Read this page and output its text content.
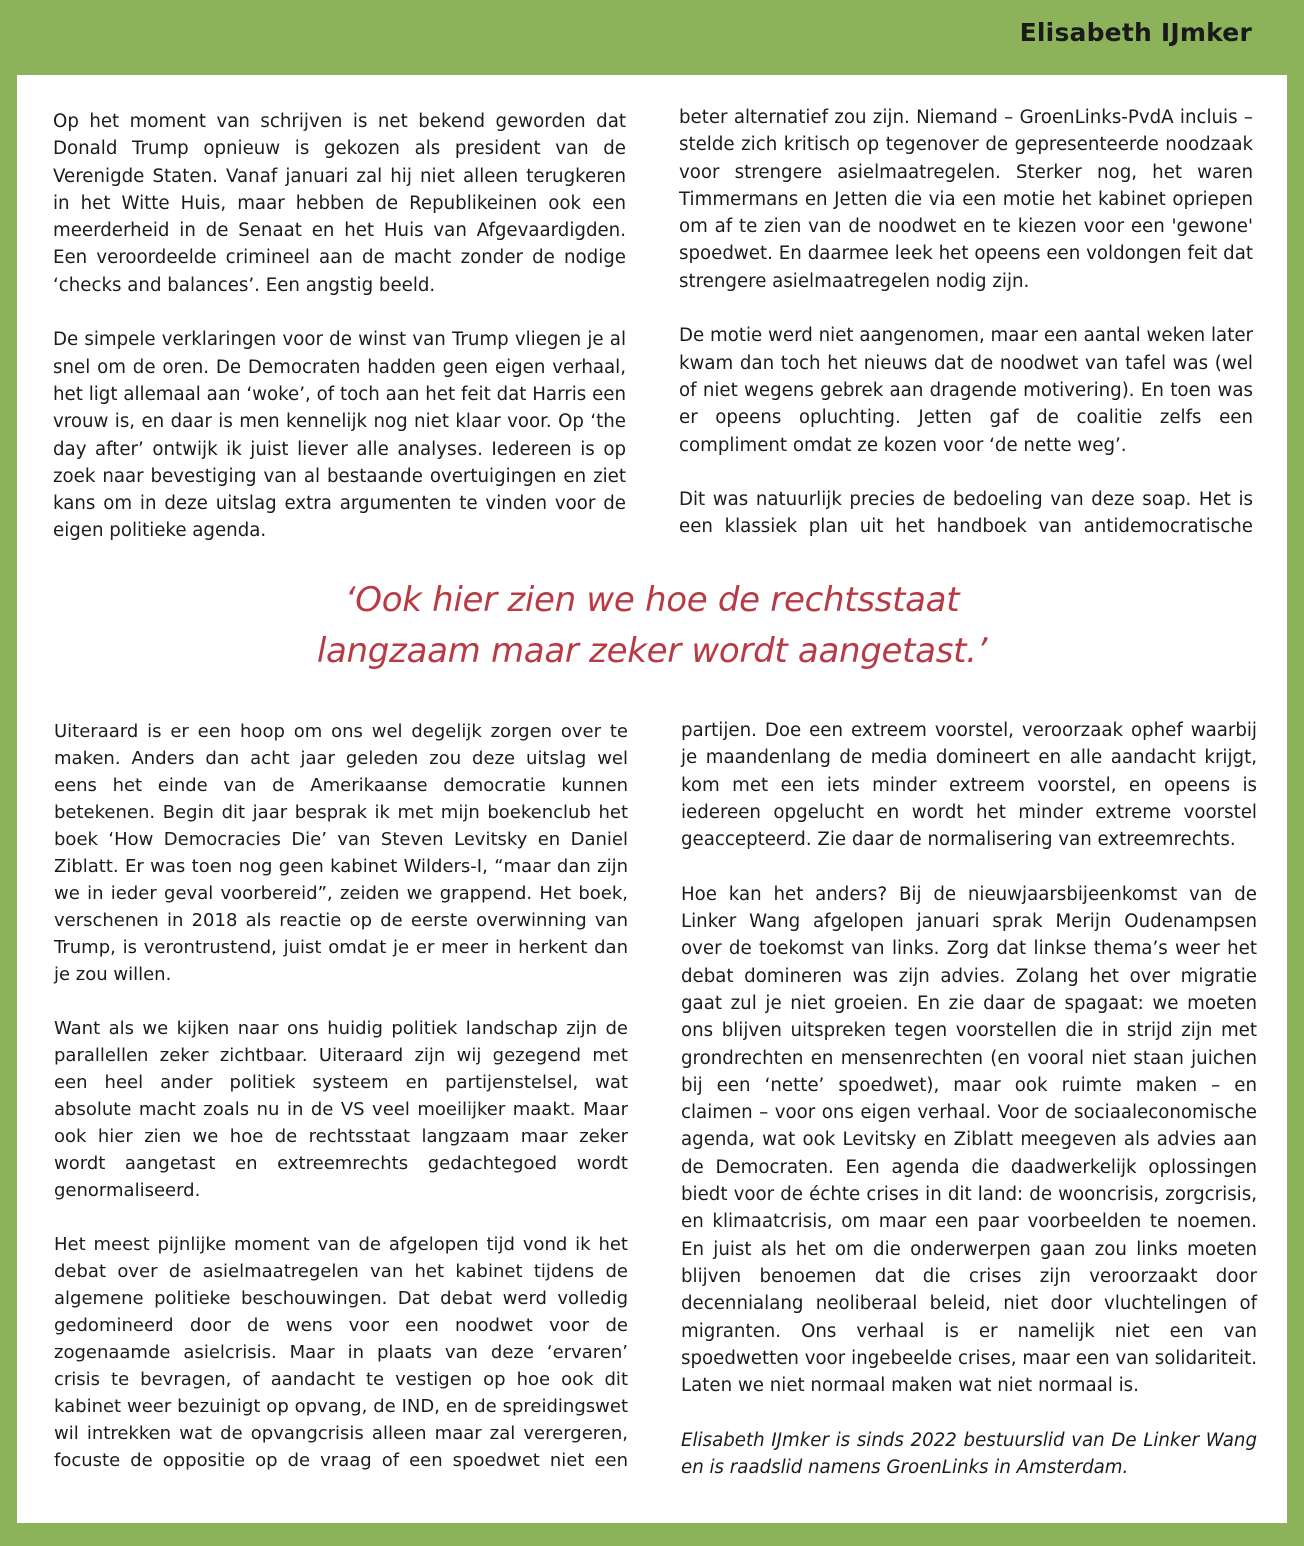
Elisabeth IJmker

Op het moment van schrijven is net bekend geworden dat Donald Trump opnieuw is gekozen als president van de Verenigde Staten. Vanaf januari zal hij niet alleen terugkeren in het Witte Huis, maar hebben de Republikeinen ook een meerderheid in de Senaat en het Huis van Afgevaardigden. Een veroordeelde crimineel aan de macht zonder de nodige ‘checks and balances’. Een angstig beeld.

De simpele verklaringen voor de winst van Trump vliegen je al snel om de oren. De Democraten hadden geen eigen verhaal, het ligt allemaal aan ‘woke’, of toch aan het feit dat Harris een vrouw is, en daar is men kennelijk nog niet klaar voor. Op ‘the day after’ ontwijk ik juist liever alle analyses. Iedereen is op zoek naar bevestiging van al bestaande overtuigingen en ziet kans om in deze uitslag extra argumenten te vinden voor de eigen politieke agenda.

beter alternatief zou zijn. Niemand – GroenLinks-PvdA incluis – stelde zich kritisch op tegenover de gepresenteerde noodzaak voor strengere asielmaatregelen. Sterker nog, het waren Timmermans en Jetten die via een motie het kabinet opriepen om af te zien van de noodwet en te kiezen voor een 'gewone' spoedwet. En daarmee leek het opeens een voldongen feit dat strengere asielmaatregelen nodig zijn.

De motie werd niet aangenomen, maar een aantal weken later kwam dan toch het nieuws dat de noodwet van tafel was (wel of niet wegens gebrek aan dragende motivering). En toen was er opeens opluchting. Jetten gaf de coalitie zelfs een compliment omdat ze kozen voor ‘de nette weg’.

Dit was natuurlijk precies de bedoeling van deze soap. Het is een klassiek plan uit het handboek van antidemocratische

‘Ook hier zien we hoe de rechtsstaat
langzaam maar zeker wordt aangetast.’

Uiteraard is er een hoop om ons wel degelijk zorgen over te maken. Anders dan acht jaar geleden zou deze uitslag wel eens het einde van de Amerikaanse democratie kunnen betekenen. Begin dit jaar besprak ik met mijn boekenclub het boek ‘How Democracies Die’ van Steven Levitsky en Daniel Ziblatt. Er was toen nog geen kabinet Wilders-I, “maar dan zijn we in ieder geval voorbereid”, zeiden we grappend. Het boek, verschenen in 2018 als reactie op de eerste overwinning van Trump, is verontrustend, juist omdat je er meer in herkent dan je zou willen.

Want als we kijken naar ons huidig politiek landschap zijn de parallellen zeker zichtbaar. Uiteraard zijn wij gezegend met een heel ander politiek systeem en partijenstelsel, wat absolute macht zoals nu in de VS veel moeilijker maakt. Maar ook hier zien we hoe de rechtsstaat langzaam maar zeker wordt aangetast en extreemrechts gedachtegoed wordt genormaliseerd.

Het meest pijnlijke moment van de afgelopen tijd vond ik het debat over de asielmaatregelen van het kabinet tijdens de algemene politieke beschouwingen. Dat debat werd volledig gedomineerd door de wens voor een noodwet voor de zogenaamde asielcrisis. Maar in plaats van deze ‘ervaren’ crisis te bevragen, of aandacht te vestigen op hoe ook dit kabinet weer bezuinigt op opvang, de IND, en de spreidingswet wil intrekken wat de opvangcrisis alleen maar zal verergeren, focuste de oppositie op de vraag of een spoedwet niet een

partijen. Doe een extreem voorstel, veroorzaak ophef waarbij je maandenlang de media domineert en alle aandacht krijgt, kom met een iets minder extreem voorstel, en opeens is iedereen opgelucht en wordt het minder extreme voorstel geaccepteerd. Zie daar de normalisering van extreemrechts.

Hoe kan het anders? Bij de nieuwjaarsbijeenkomst van de Linker Wang afgelopen januari sprak Merijn Oudenampsen over de toekomst van links. Zorg dat linkse thema’s weer het debat domineren was zijn advies. Zolang het over migratie gaat zul je niet groeien. En zie daar de spagaat: we moeten ons blijven uitspreken tegen voorstellen die in strijd zijn met grondrechten en mensenrechten (en vooral niet staan juichen bij een ‘nette’ spoedwet), maar ook ruimte maken – en claimen – voor ons eigen verhaal. Voor de sociaaleconomische agenda, wat ook Levitsky en Ziblatt meegeven als advies aan de Democraten. Een agenda die daadwerkelijk oplossingen biedt voor de échte crises in dit land: de wooncrisis, zorgcrisis, en klimaatcrisis, om maar een paar voorbeelden te noemen. En juist als het om die onderwerpen gaan zou links moeten blijven benoemen dat die crises zijn veroorzaakt door decennialang neoliberaal beleid, niet door vluchtelingen of migranten. Ons verhaal is er namelijk niet een van spoedwetten voor ingebeelde crises, maar een van solidariteit. Laten we niet normaal maken wat niet normaal is.

Elisabeth IJmker is sinds 2022 bestuurslid van De Linker Wang en is raadslid namens GroenLinks in Amsterdam.
